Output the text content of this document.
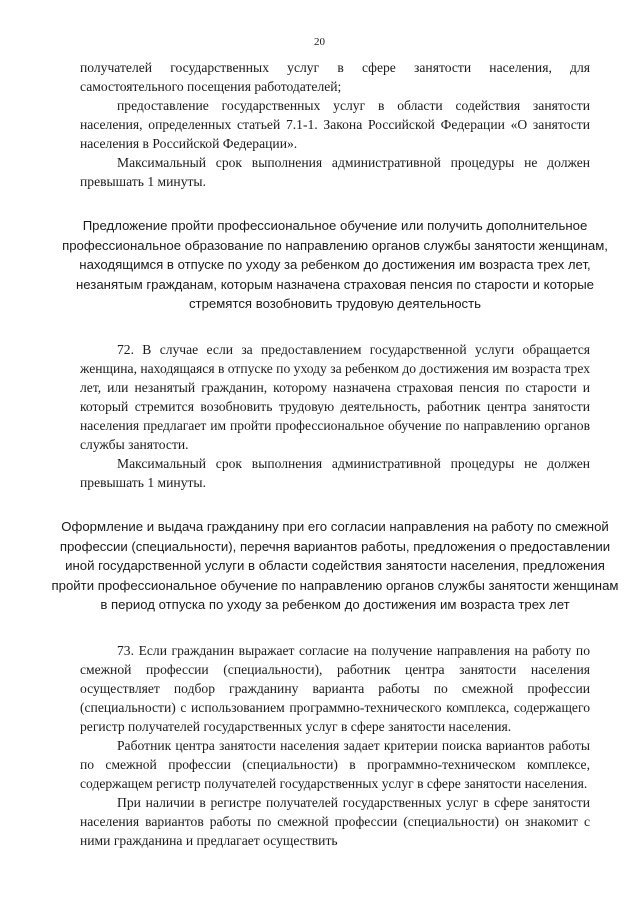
20

получателей государственных услуг в сфере занятости населения, для самостоятельного посещения работодателей;

предоставление государственных услуг в области содействия занятости населения, определенных статьей 7.1-1. Закона Российской Федерации «О занятости населения в Российской Федерации».

Максимальный срок выполнения административной процедуры не должен превышать 1 минуты.

Предложение пройти профессиональное обучение или получить дополнительное профессиональное образование по направлению органов службы занятости женщинам, находящимся в отпуске по уходу за ребенком до достижения им возраста трех лет, незанятым гражданам, которым назначена страховая пенсия по старости и которые стремятся возобновить трудовую деятельность

72. В случае если за предоставлением государственной услуги обращается женщина, находящаяся в отпуске по уходу за ребенком до достижения им возраста трех лет, или незанятый гражданин, которому назначена страховая пенсия по старости и который стремится возобновить трудовую деятельность, работник центра занятости населения предлагает им пройти профессиональное обучение по направлению органов службы занятости.

Максимальный срок выполнения административной процедуры не должен превышать 1 минуты.

Оформление и выдача гражданину при его согласии направления на работу по смежной профессии (специальности), перечня вариантов работы, предложения о предоставлении иной государственной услуги в области содействия занятости населения, предложения пройти профессиональное обучение по направлению органов службы занятости женщинам в период отпуска по уходу за ребенком до достижения им возраста трех лет

73. Если гражданин выражает согласие на получение направления на работу по смежной профессии (специальности), работник центра занятости населения осуществляет подбор гражданину варианта работы по смежной профессии (специальности) с использованием программно-технического комплекса, содержащего регистр получателей государственных услуг в сфере занятости населения.

Работник центра занятости населения задает критерии поиска вариантов работы по смежной профессии (специальности) в программно-техническом комплексе, содержащем регистр получателей государственных услуг в сфере занятости населения.

При наличии в регистре получателей государственных услуг в сфере занятости населения вариантов работы по смежной профессии (специальности) он знакомит с ними гражданина и предлагает осуществить
